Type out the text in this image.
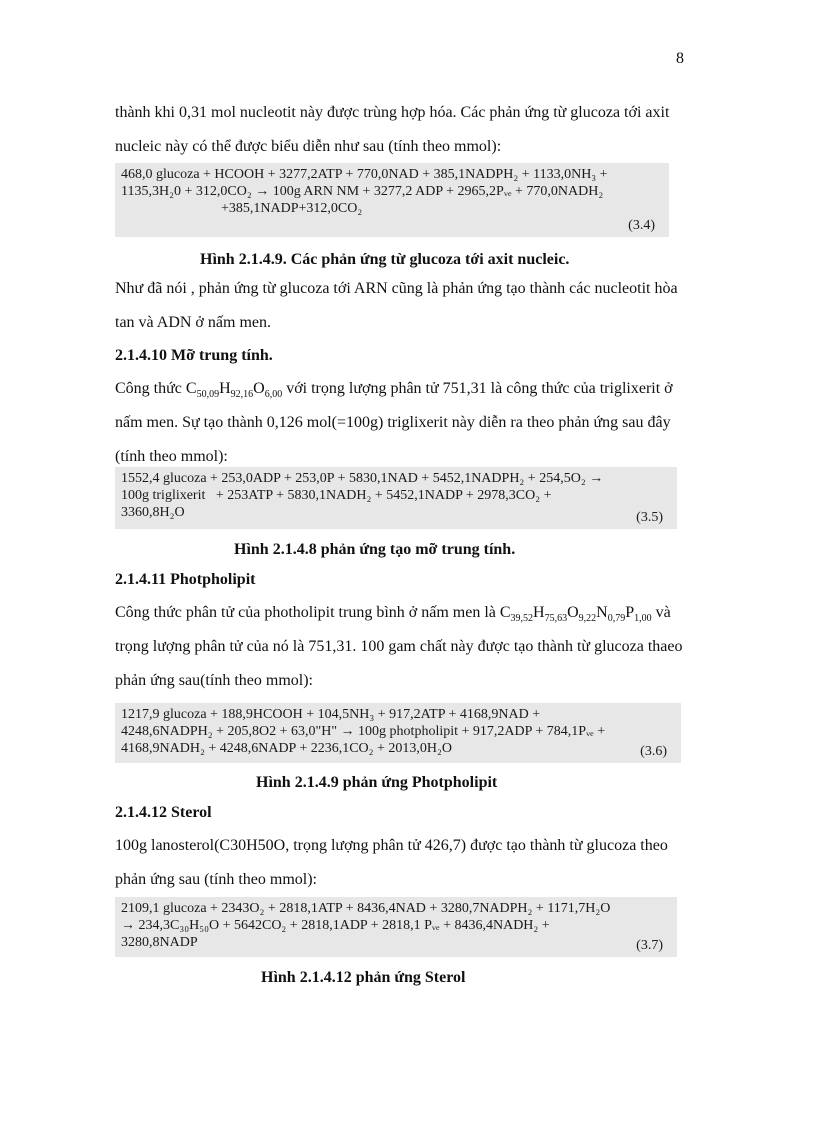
8
thành khi 0,31 mol nucleotit này được trùng hợp hóa. Các phản ứng từ glucoza tới axit
nucleic này có thể được biểu diễn như sau (tính theo mmol):
468,0 glucoza + HCOOH + 3277,2ATP + 770,0NAD + 385,1NADPH₂ + 1133,0NH₃ +
1135,3H₂0 + 312,0CO₂ → 100g ARN NM + 3277,2 ADP + 2965,2Pᵥₑ + 770,0NADH₂
+385,1NADP+312,0CO₂
(3.4)
Hình 2.1.4.9. Các phản ứng từ glucoza tới axit nucleic.
Như đã nói , phản ứng từ glucoza tới ARN cũng là phản ứng tạo thành các nucleotit hòa
tan và ADN ở nấm men.
2.1.4.10 Mỡ trung tính.
Công thức $C_{50,09}H_{92,16}O_{6,00}$ với trọng lượng phân tử 751,31 là công thức của triglixerit ở
nấm men. Sự tạo thành 0,126 mol(=100g) triglixerit này diễn ra theo phản ứng sau đây
(tính theo mmol):
1552,4 glucoza + 253,0ADP + 253,0P + 5830,1NAD + 5452,1NADPH₂ + 254,5O₂ →
100g triglixerit   + 253ATP + 5830,1NADH₂ + 5452,1NADP + 2978,3CO₂ +
3360,8H₂O	(3.5)
Hình 2.1.4.8 phản ứng tạo mỡ trung tính.
2.1.4.11 Photpholipit
Công thức phân tử của photholipit trung bình ở nấm men là $C_{39,52}H_{75,63}O_{9,22}N_{0,79}P_{1,00}$ và
trọng lượng phân tử của nó là 751,31. 100 gam chất này được tạo thành từ glucoza thaeo
phản ứng sau(tính theo mmol):
1217,9 glucoza + 188,9HCOOH + 104,5NH₃ + 917,2ATP + 4168,9NAD +
4248,6NADPH₂ + 205,8O2 + 63,0"H" → 100g photpholipit + 917,2ADP + 784,1Pᵥₑ +
4168,9NADH₂ + 4248,6NADP + 2236,1CO₂ + 2013,0H₂O	(3.6)
Hình 2.1.4.9 phản ứng Photpholipit
2.1.4.12 Sterol
100g lanosterol(C30H50O, trọng lượng phân tử 426,7) được tạo thành từ glucoza theo
phản ứng sau (tính theo mmol):
2109,1 glucoza + 2343O₂ + 2818,1ATP + 8436,4NAD + 3280,7NADPH₂ + 1171,7H₂O
→ 234,3C₃₀H₅₀O + 5642CO₂ + 2818,1ADP + 2818,1 Pᵥₑ + 8436,4NADH₂ +
3280,8NADP	(3.7)
Hình 2.1.4.12 phản ứng Sterol
